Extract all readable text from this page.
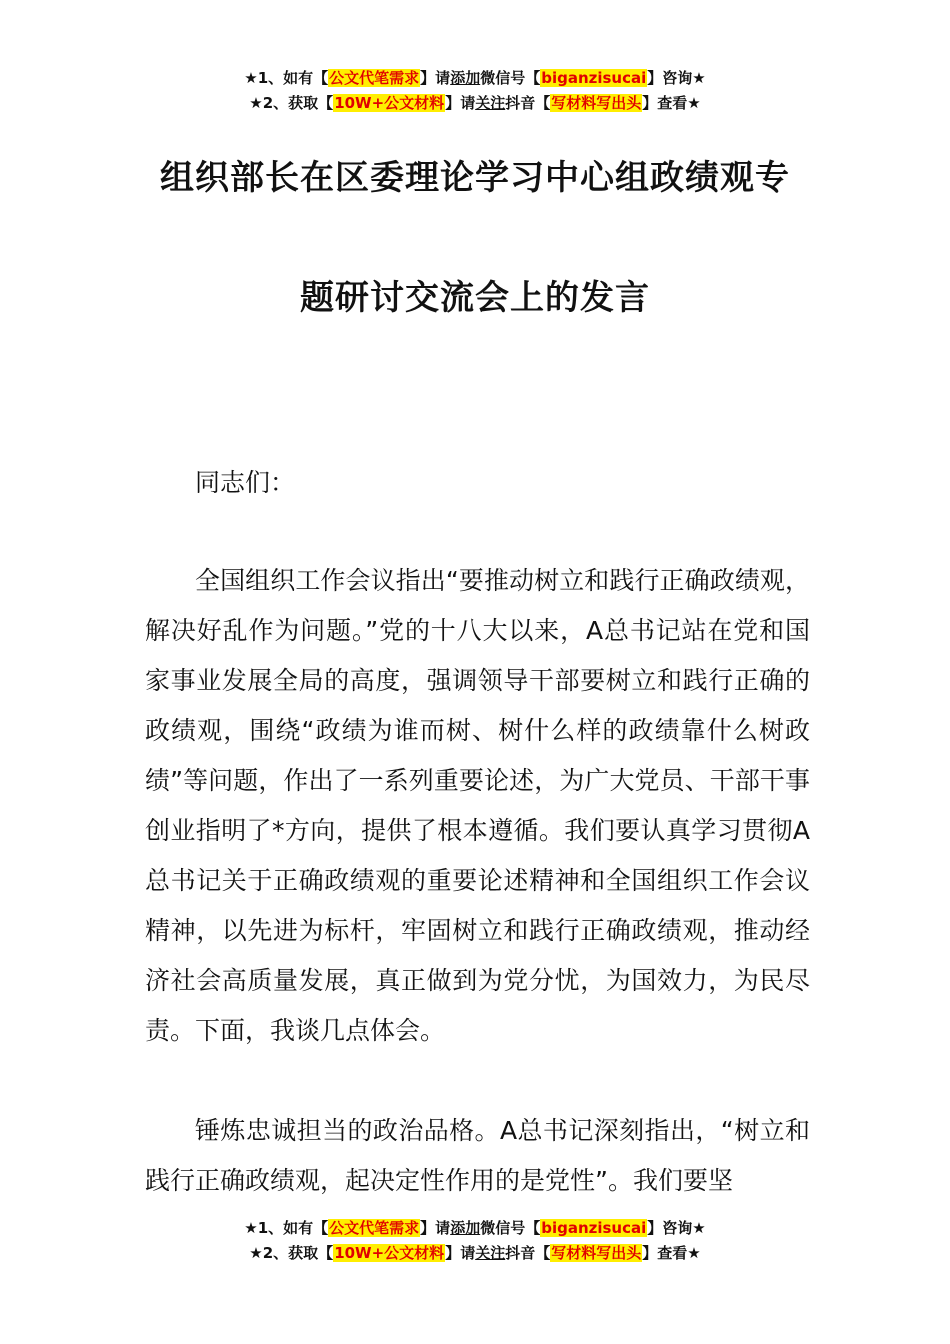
★1、如有【公文代笔需求】请添加微信号【biganzisucai】咨询★
★2、获取【10W+公文材料】请关注抖音【写材料写出头】查看★
组织部长在区委理论学习中心组政绩观专
题研讨交流会上的发言

同志们：

全国组织工作会议指出“要推动树立和践行正确政绩观，解决好乱作为问题。”党的十八大以来，A总书记站在党和国家事业发展全局的高度，强调领导干部要树立和践行正确的政绩观，围绕“政绩为谁而树、树什么样的政绩靠什么树政绩”等问题，作出了一系列重要论述，为广大党员、干部干事创业指明了*方向，提供了根本遵循。我们要认真学习贯彻A总书记关于正确政绩观的重要论述精神和全国组织工作会议精神，以先进为标杆，牢固树立和践行正确政绩观，推动经济社会高质量发展，真正做到为党分忧，为国效力，为民尽责。下面，我谈几点体会。

锤炼忠诚担当的政治品格。A总书记深刻指出，“树立和践行正确政绩观，起决定性作用的是党性”。我们要坚

★1、如有【公文代笔需求】请添加微信号【biganzisucai】咨询★
★2、获取【10W+公文材料】请关注抖音【写材料写出头】查看★
